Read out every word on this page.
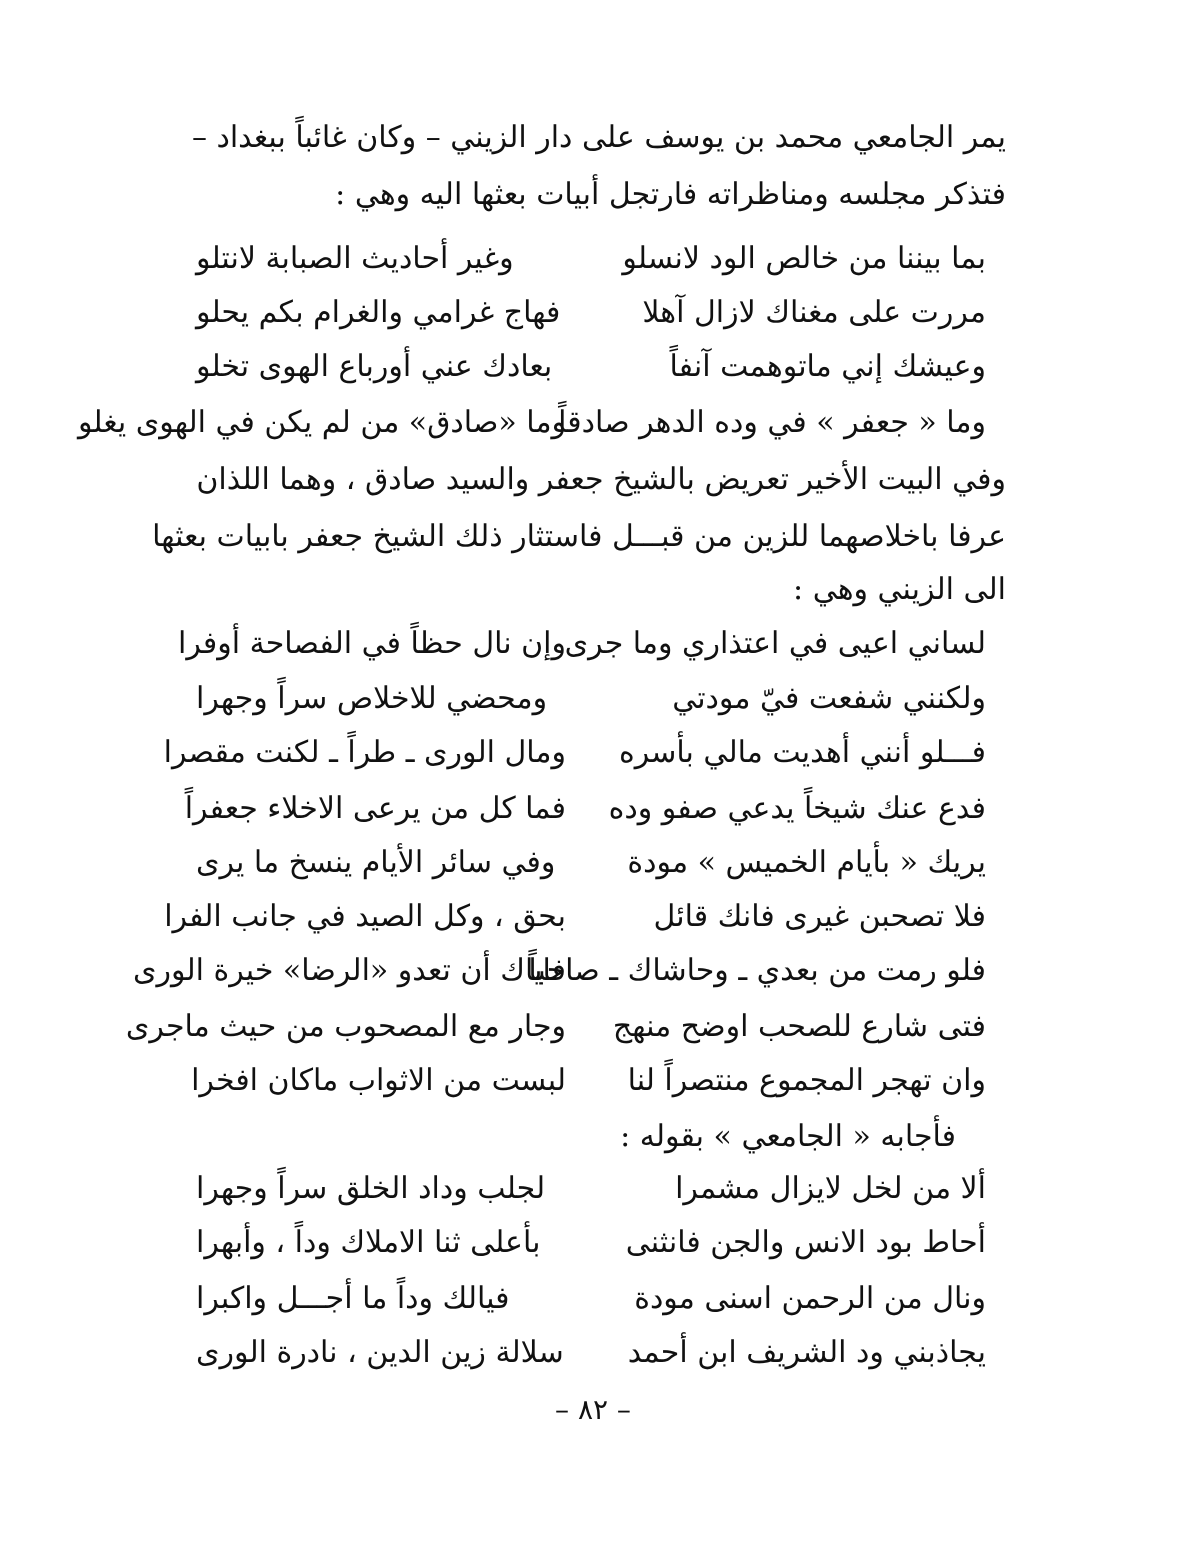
يمر الجامعي محمد بن يوسف على دار الزيني – وكان غائباً ببغداد –
فتذكر مجلسه ومناظراته فارتجل أبيات بعثها اليه وهي :
بما بيننا من خالص الود لانسلو
وغير أحاديث الصبابة لانتلو
مررت على مغناك لازال آهلا
فهاج غرامي والغرام بكم يحلو
وعيشك إني ماتوهمت آنفاً
بعادك عني أورباع الهوى تخلو
وما « جعفر » في وده الدهر صادقاً
وما «صادق» من لم يكن في الهوى يغلو
وفي البيت الأخير تعريض بالشيخ جعفر والسيد صادق ، وهما اللذان
عرفا باخلاصهما للزين من قبـــل فاستثار ذلك الشيخ جعفر بابيات بعثها
الى الزيني وهي :
لساني اعيى في اعتذاري وما جرى
وإن نال حظاً في الفصاحة أوفرا
ولكنني شفعت فيّ مودتي
ومحضي للاخلاص سراً وجهرا
فـــلو أنني أهديت مالي بأسره
ومال الورى ـ طراً ـ لكنت مقصرا
فدع عنك شيخاً يدعي صفو وده
فما كل من يرعى الاخلاء جعفراً
يريك « بأيام الخميس » مودة
وفي سائر الأيام ينسخ ما يرى
فلا تصحبن غيرى فانك قائل
بحق ، وكل الصيد في جانب الفرا
فلو رمت من بعدي ـ وحاشاك ـ صاحباً
فاياك أن تعدو «الرضا» خيرة الورى
فتى شارع للصحب اوضح منهج
وجار مع المصحوب من حيث ماجرى
وان تهجر المجموع منتصراً لنا
لبست من الاثواب ماكان افخرا
فأجابه « الجامعي » بقوله :
ألا من لخل لايزال مشمرا
لجلب وداد الخلق سراً وجهرا
أحاط بود الانس والجن فانثنى
بأعلى ثنا الاملاك وداً ، وأبهرا
ونال من الرحمن اسنى مودة
فيالك وداً ما أجـــل واكبرا
يجاذبني ود الشريف ابن أحمد
سلالة زين الدين ، نادرة الورى
– ٨٢ –
